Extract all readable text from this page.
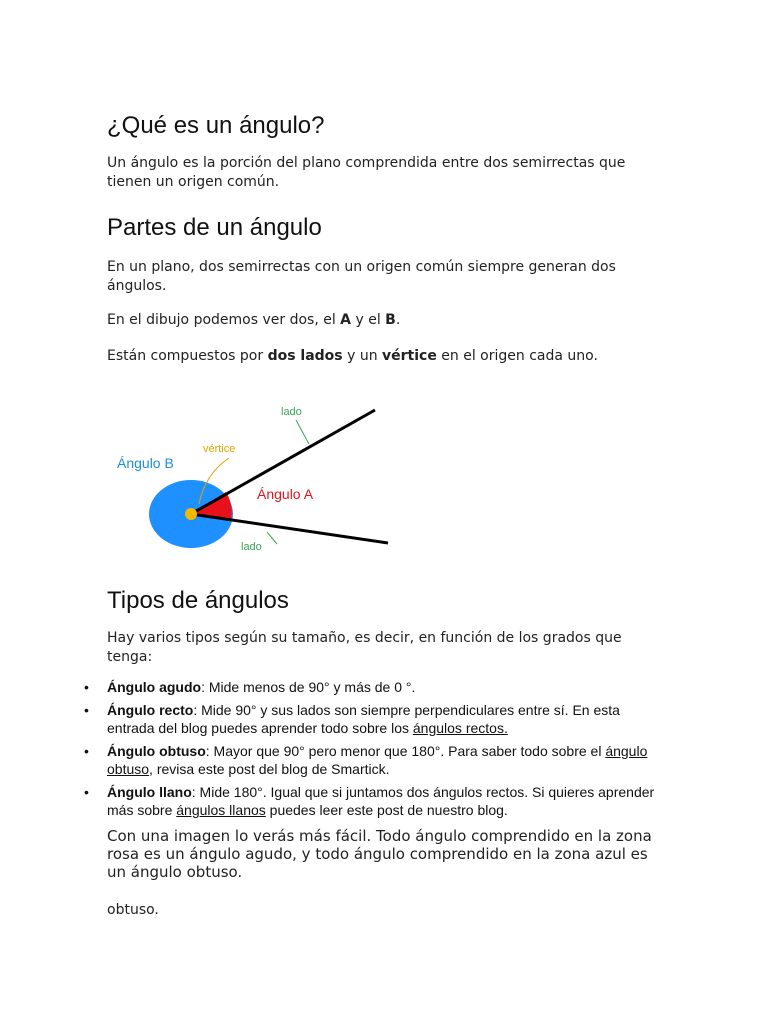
¿Qué es un ángulo?

Un ángulo es la porción del plano comprendida entre dos semirrectas que tienen un origen común.

Partes de un ángulo

En un plano, dos semirrectas con un origen común siempre generan dos ángulos.

En el dibujo podemos ver dos, el A y el B.

Están compuestos por dos lados y un vértice en el origen cada uno.

lado
vértice
Ángulo B
Ángulo A
lado
Tipos de ángulos

Hay varios tipos según su tamaño, es decir, en función de los grados que tenga:

• Ángulo agudo: Mide menos de 90° y más de 0 °.
• Ángulo recto: Mide 90° y sus lados son siempre perpendiculares entre sí. En esta entrada del blog puedes aprender todo sobre los ángulos rectos.
• Ángulo obtuso: Mayor que 90° pero menor que 180°. Para saber todo sobre el ángulo obtuso, revisa este post del blog de Smartick.
• Ángulo llano: Mide 180°. Igual que si juntamos dos ángulos rectos. Si quieres aprender más sobre ángulos llanos puedes leer este post de nuestro blog.

Con una imagen lo verás más fácil. Todo ángulo comprendido en la zona rosa es un ángulo agudo, y todo ángulo comprendido en la zona azul es un ángulo obtuso.

obtuso.
